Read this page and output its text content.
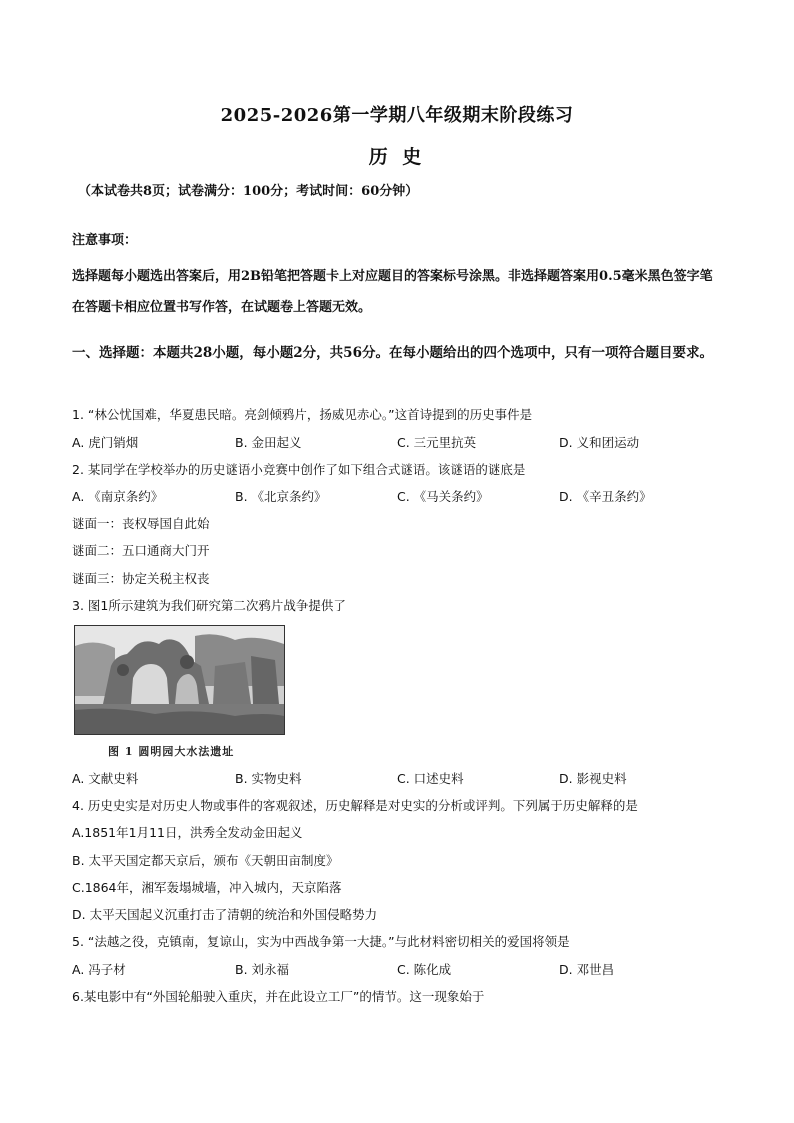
2025-2026第一学期八年级期末阶段练习
历 史
（本试卷共8页；试卷满分：100分；考试时间：60分钟）
注意事项：
选择题每小题选出答案后，用2B铅笔把答题卡上对应题目的答案标号涂黑。非选择题答案用0.5毫米黑色签字笔在答题卡相应位置书写作答，在试题卷上答题无效。
一、选择题：本题共28小题，每小题2分，共56分。在每小题给出的四个选项中，只有一项符合题目要求。
1. “林公忧国难，华夏患民暗。亮剑倾鸦片，扬威见赤心。”这首诗提到的历史事件是
A. 虎门销烟	B. 金田起义	C. 三元里抗英	D. 义和团运动
2. 某同学在学校举办的历史谜语小竞赛中创作了如下组合式谜语。该谜语的谜底是
A. 《南京条约》	B. 《北京条约》	C. 《马关条约》	D. 《辛丑条约》
谜面一：丧权辱国自此始
谜面二：五口通商大门开
谜面三：协定关税主权丧
3. 图1所示建筑为我们研究第二次鸦片战争提供了
图 1 圆明园大水法遗址
A. 文献史料	B. 实物史料	C. 口述史料	D. 影视史料
4. 历史史实是对历史人物或事件的客观叙述，历史解释是对史实的分析或评判。下列属于历史解释的是
A.1851年1月11日，洪秀全发动金田起义
B. 太平天国定都天京后，颁布《天朝田亩制度》
C.1864年，湘军轰塌城墙，冲入城内，天京陷落
D. 太平天国起义沉重打击了清朝的统治和外国侵略势力
5. “法越之役，克镇南，复谅山，实为中西战争第一大捷。”与此材料密切相关的爱国将领是
A. 冯子材	B. 刘永福	C. 陈化成	D. 邓世昌
6.某电影中有“外国轮船驶入重庆，并在此设立工厂”的情节。这一现象始于
